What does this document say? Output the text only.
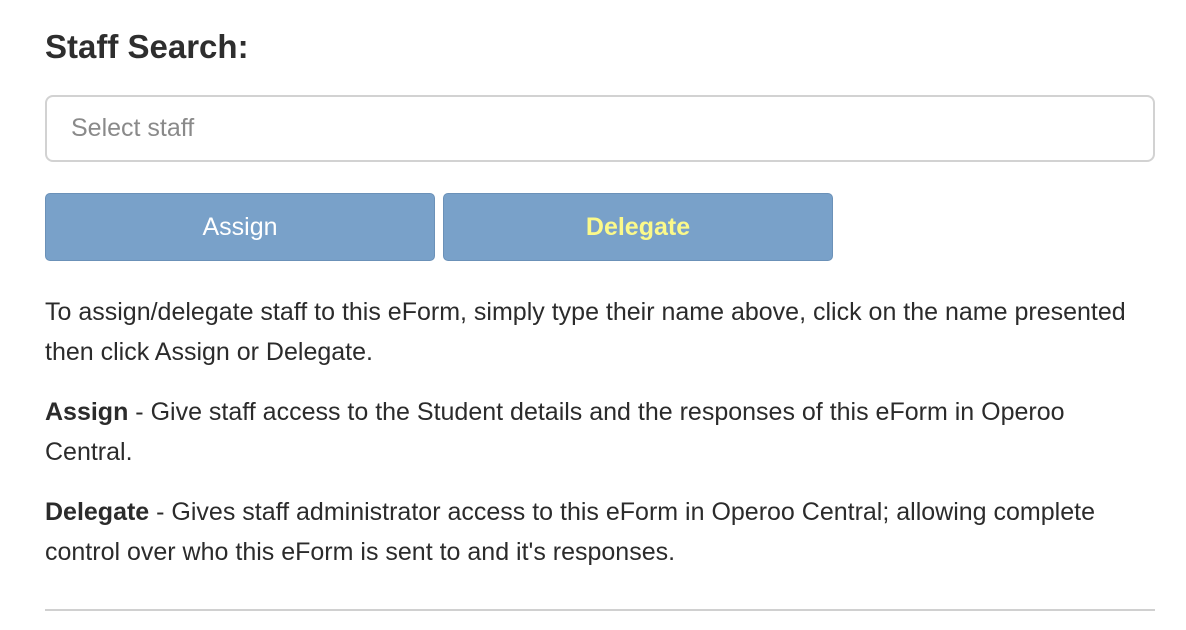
Staff Search:
Select staff
Assign	Delegate

To assign/delegate staff to this eForm, simply type their name above, click on the name presented then click Assign or Delegate.

Assign - Give staff access to the Student details and the responses of this eForm in Operoo Central.

Delegate - Gives staff administrator access to this eForm in Operoo Central; allowing complete control over who this eForm is sent to and it's responses.
